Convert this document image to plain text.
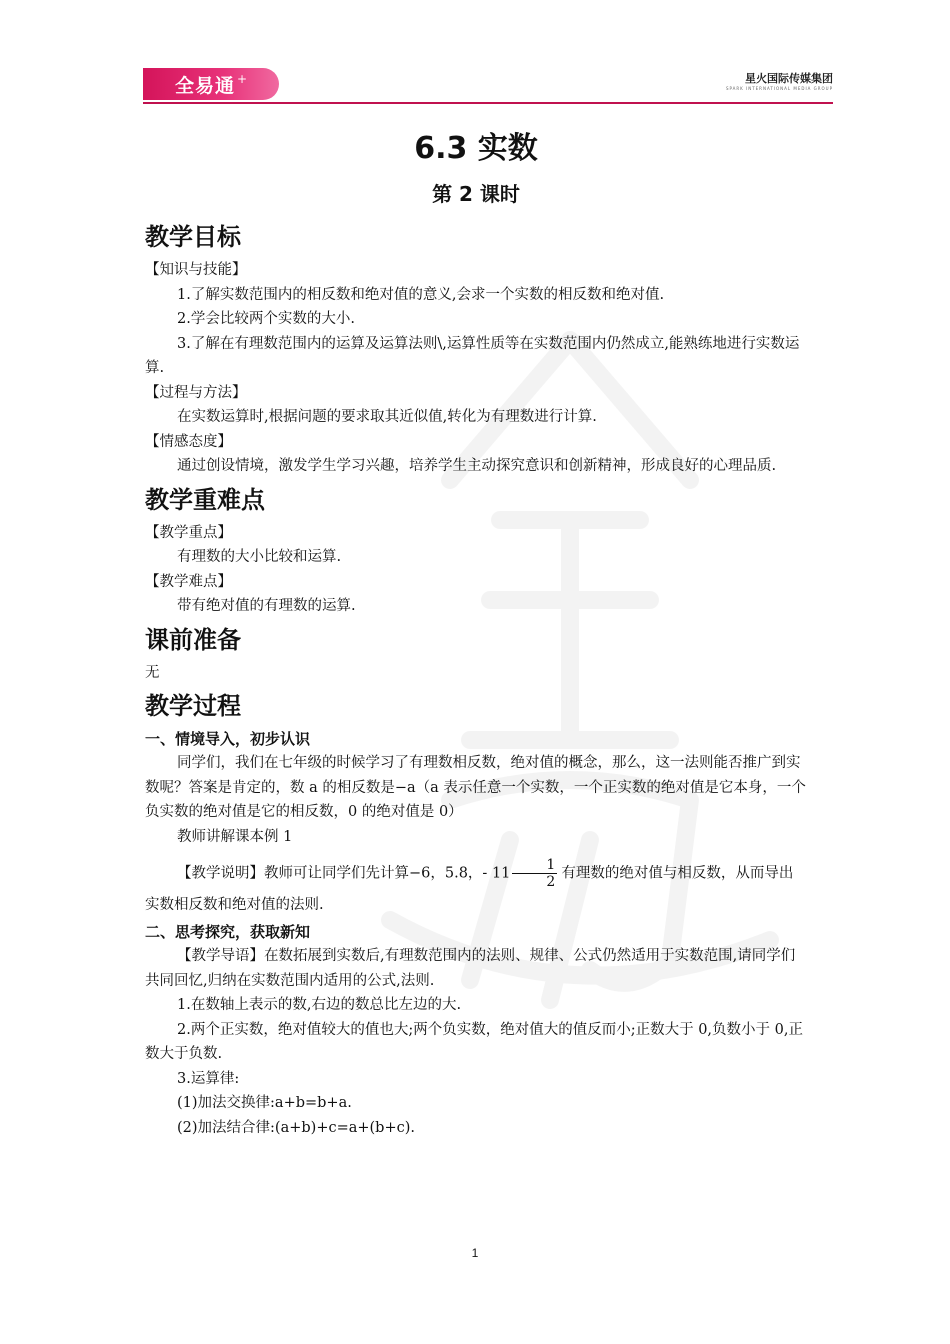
全易通 +	星火国际传媒集团
SPARK INTERNATIONAL MEDIA GROUP
6.3 实数
第 2 课时
教学目标

【知识与技能】

1.了解实数范围内的相反数和绝对值的意义,会求一个实数的相反数和绝对值.

2.学会比较两个实数的大小.

3.了解在有理数范围内的运算及运算法则\,运算性质等在实数范围内仍然成立,能熟练地进行实数运算.

【过程与方法】

在实数运算时,根据问题的要求取其近似值,转化为有理数进行计算.

【情感态度】

通过创设情境，激发学生学习兴趣，培养学生主动探究意识和创新精神，形成良好的心理品质.

教学重难点

【教学重点】

有理数的大小比较和运算.

【教学难点】

带有绝对值的有理数的运算.

课前准备

无

教学过程
一、情境导入，初步认识

同学们，我们在七年级的时候学习了有理数相反数，绝对值的概念，那么，这一法则能否推广到实数呢？答案是肯定的，数 a 的相反数是−a（a 表示任意一个实数，一个正实数的绝对值是它本身，一个负实数的绝对值是它的相反数，0 的绝对值是 0）

教师讲解课本例 1

【教学说明】教师可让同学们先计算−6，5.8，- $11 \frac{1}{2}$ 有理数的绝对值与相反数，从而导出实数相反数和绝对值的法则.

二、思考探究，获取新知

【教学导语】在数拓展到实数后,有理数范围内的法则、规律、公式仍然适用于实数范围,请同学们共同回忆,归纳在实数范围内适用的公式,法则.

1.在数轴上表示的数,右边的数总比左边的大.

2.两个正实数，绝对值较大的值也大;两个负实数，绝对值大的值反而小;正数大于 0,负数小于 0,正数大于负数.

3.运算律:

(1)加法交换律:a+b=b+a.

(2)加法结合律:(a+b)+c=a+(b+c).

1
